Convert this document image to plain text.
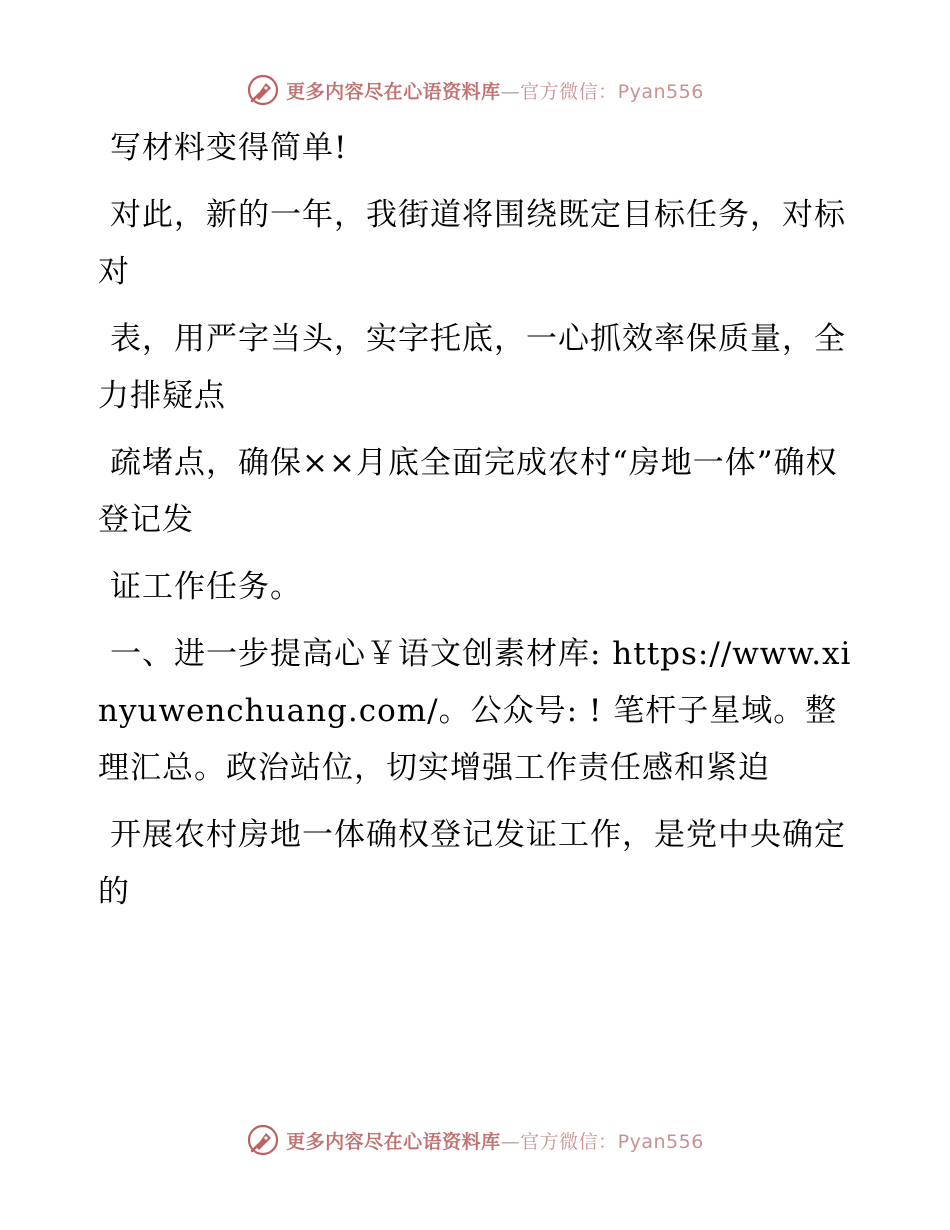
更多内容尽在心语资料库—官方微信：Pyan556

写材料变得简单!

对此，新的一年，我街道将围绕既定目标任务，对标对

表，用严字当头，实字托底，一心抓效率保质量，全力排疑点

疏堵点，确保××月底全面完成农村“房地一体”确权登记发

证工作任务。

一、进一步提高心￥语文创素材库: https://www.xinyuwenchuang.com/。公众号: ! 笔杆子星域。整理汇总。政治站位，切实增强工作责任感和紧迫

开展农村房地一体确权登记发证工作，是党中央确定的

更多内容尽在心语资料库—官方微信：Pyan556
